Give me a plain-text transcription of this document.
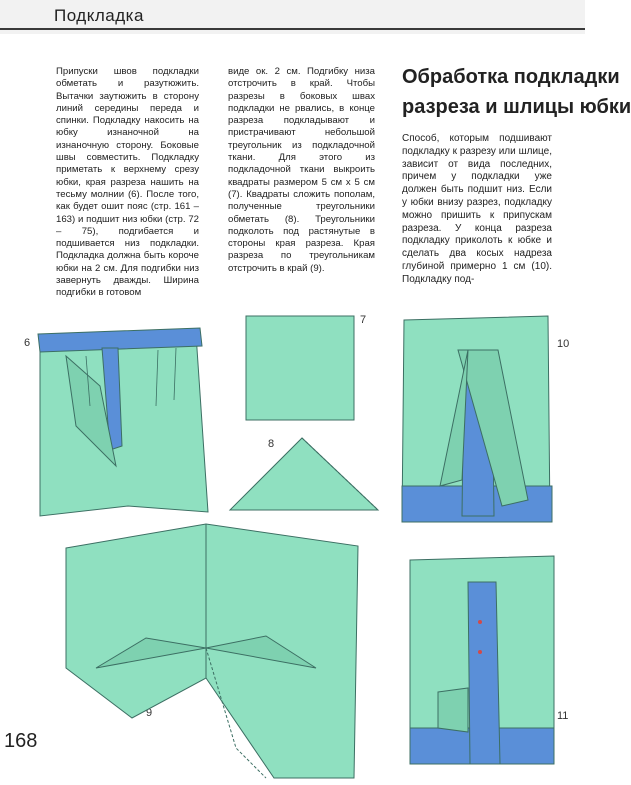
Подкладка
Припуски швов подкладки обметать и разутюжить. Вытачки заутюжить в сторону линий середины переда и спинки. Подкладку накосить на юбку изнаночной на изнаночную сторону. Боковые швы совместить. Подкладку приметать к верхнему срезу юбки, края разреза нашить на тесьму молнии (6). После того, как будет ошит пояс (стр. 161 –163) и подшит низ юбки (стр. 72 – 75), подгибается и подшивается низ подкладки. Подкладка должна быть короче юбки на 2 см. Для подгибки низ завернуть дважды. Ширина подгибки в готовом
виде ок. 2 см. Подгибку низа отстрочить в край. Чтобы разрезы в боковых швах подкладки не рвались, в конце разреза подкладывают и пристрачивают небольшой треугольник из подкладочной ткани. Для этого из подкладочной ткани выкроить квадраты размером 5 см x 5 см (7). Квадраты сложить пополам, полученные треугольники обметать (8). Треугольники подколоть под растянутые в стороны края разреза. Края разреза по треугольникам отстрочить в край (9).
Обработка подкладки
разреза и шлицы юбки
Способ, которым подшивают подкладку к разрезу или шлице, зависит от вида последних, причем у подкладки уже должен быть подшит низ. Если у юбки внизу разрез, подкладку можно пришить к припускам разреза. У конца разреза подкладку приколоть к юбке и сделать два косых надреза глубиной примерно 1 см (10). Подкладку под-
6
7
8
9
10
11
168
